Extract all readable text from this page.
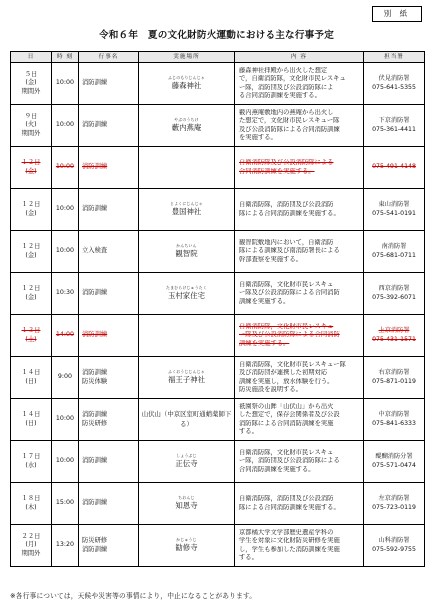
別 紙
令和６年　夏の文化財防火運動における主な行事予定
日	時 刻	行事名	実施場所	内 容	担当署

５日
(金)
期間外	10:00	消防訓練	ふじのもりじんじゃ
藤森神社	藤森神社拝殿から出火した想定
で，自衛消防隊，文化財市民レスキュ
ー隊，消防団及び公設消防隊によ
る合同消防訓練を実施する。	伏見消防署
075-641-5355

９日
(火)
期間外	10:00	消防訓練	やぶのうちけ
藪内燕庵	藪内燕庵敷地内の燕庵から出火し
た想定で，文化財市民レスキュー隊
及び公設消防隊による合同消防訓練
を実施する。	下京消防署
075-361-4411

１２日
(金)	10:00	消防訓練		自衛消防隊及び公設消防隊による
合同消防訓練を実施する。	075-491-4148

１２日
(金)	10:00	消防訓練	とよくにじんじゃ
豊国神社	自衛消防隊，消防団及び公設消防
隊による合同消防訓練を実施する。	東山消防署
075-541-0191

１２日
(金)	10:00	立入検査	かんちいん
観智院	観智院敷地内において，自衛消防
隊による訓練及び南消防署長による
幹部査察を実施する。	南消防署
075-681-0711

１２日
(金)	10:30	消防訓練	たまむらけじゅうたく
玉村家住宅	自衛消防隊，文化財市民レスキュ
ー隊及び公設消防隊による合同消防
訓練を実施する。	西京消防署
075-392-6071

１３日
(土)	14:00	消防訓練		自衛消防隊，文化財市民レスキュ
ー隊及び公設消防隊による合同消防
訓練を実施する。	上京消防署
075-431-1571

１４日
(日)	9:00	消防訓練
防災体験	ふくおうじじんじゃ
福王子神社	自衛消防隊，文化財市民レスキュー隊
及び消防団が連携した初期対応
訓練を実施し，放水体験を行う。
防災施設を説明する。	右京消防署
075-871-0119

１４日
(日)	10:00	消防訓練
防災研修	山伏山（中京区室町通蛸薬師下る）	祇園祭の山鉾「山伏山」から出火
した想定で，保存会関係者及び公設
消防隊による合同消防訓練を実施
する。	中京消防署
075-841-6333

１７日
(水)	10:00	消防訓練	しょうぶじ
正伝寺	自衛消防隊，文化財市民レスキュ
ー隊，消防団及び公設消防隊による
合同消防訓練を実施する。	醍醐消防分署
075-571-0474

１８日
(木)	15:00	消防訓練	ちおんじ
知恩寺	自衛消防隊，消防団及び公設消防
隊による合同消防訓練を実施する。	左京消防署
075-723-0119

２２日
(月)
期間外	13:20	防災研修
消防訓練	かじゅうじ
勧修寺	京都橘大学文学部歴史遺産学科の
学生を対象に文化財防災研修を実施
し，学生も参加した消防訓練を実施
する。	山科消防署
075-592-9755
※各行事については，天候や災害等の事情により，中止になることがあります。
